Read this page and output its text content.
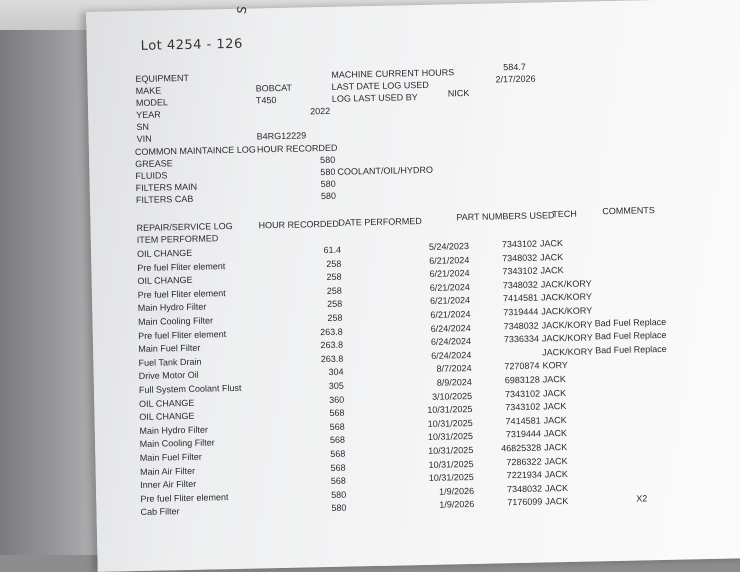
S
Lot 4254 - 126
EQUIPMENT
MAKE	BOBCAT
MODEL	T450
YEAR	2022
SN
VIN	B4RG12229
MACHINE CURRENT HOURS
584.7
LAST DATE LOG USED
2/17/2026
LOG LAST USED BY	NICK
COMMON MAINTAINCE LOG HOUR RECORDED
GREASE	580
FLUIDS	580 COOLANT/OIL/HYDRO
FILTERS MAIN	580
FILTERS CAB	580
REPAIR/SERVICE LOG
ITEM PERFORMED
HOUR RECORDED DATE PERFORMED	PART NUMBERS USED
TECH	COMMENTS
OIL CHANGE	61.4	5/24/2023	7343102 JACK
Pre fuel Fliter element	258	6/21/2024	7348032 JACK
OIL CHANGE	258	6/21/2024	7343102 JACK
Pre fuel Fliter element	258	6/21/2024	7348032 JACK/KORY
Main Hydro Filter	258	6/21/2024	7414581 JACK/KORY
Main Cooling Filter	258	6/21/2024	7319444 JACK/KORY
Pre fuel Fliter element	263.8	6/24/2024	7348032 JACK/KORY Bad Fuel Replace
Main Fuel Filter	263.8	6/24/2024	7336334 JACK/KORY Bad Fuel Replace
Fuel Tank Drain	263.8	6/24/2024	JACK/KORY Bad Fuel Replace
Drive Motor Oil	304	8/7/2024	7270874 KORY
Full System Coolant Flust	305	8/9/2024	6983128 JACK
OIL CHANGE	360	3/10/2025	7343102 JACK
OIL CHANGE	568	10/31/2025	7343102 JACK
Main Hydro Filter	568	10/31/2025	7414581 JACK
Main Cooling Filter	568	10/31/2025	7319444 JACK
Main Fuel Filter	568	10/31/2025	46825328 JACK
Main Air Filter	568	10/31/2025	7286322 JACK
Inner Air Filter	568	10/31/2025	7221934 JACK
Pre fuel Fliter element	580	1/9/2026	7348032 JACK
Cab Filter	580	1/9/2026	7176099 JACK	X2
